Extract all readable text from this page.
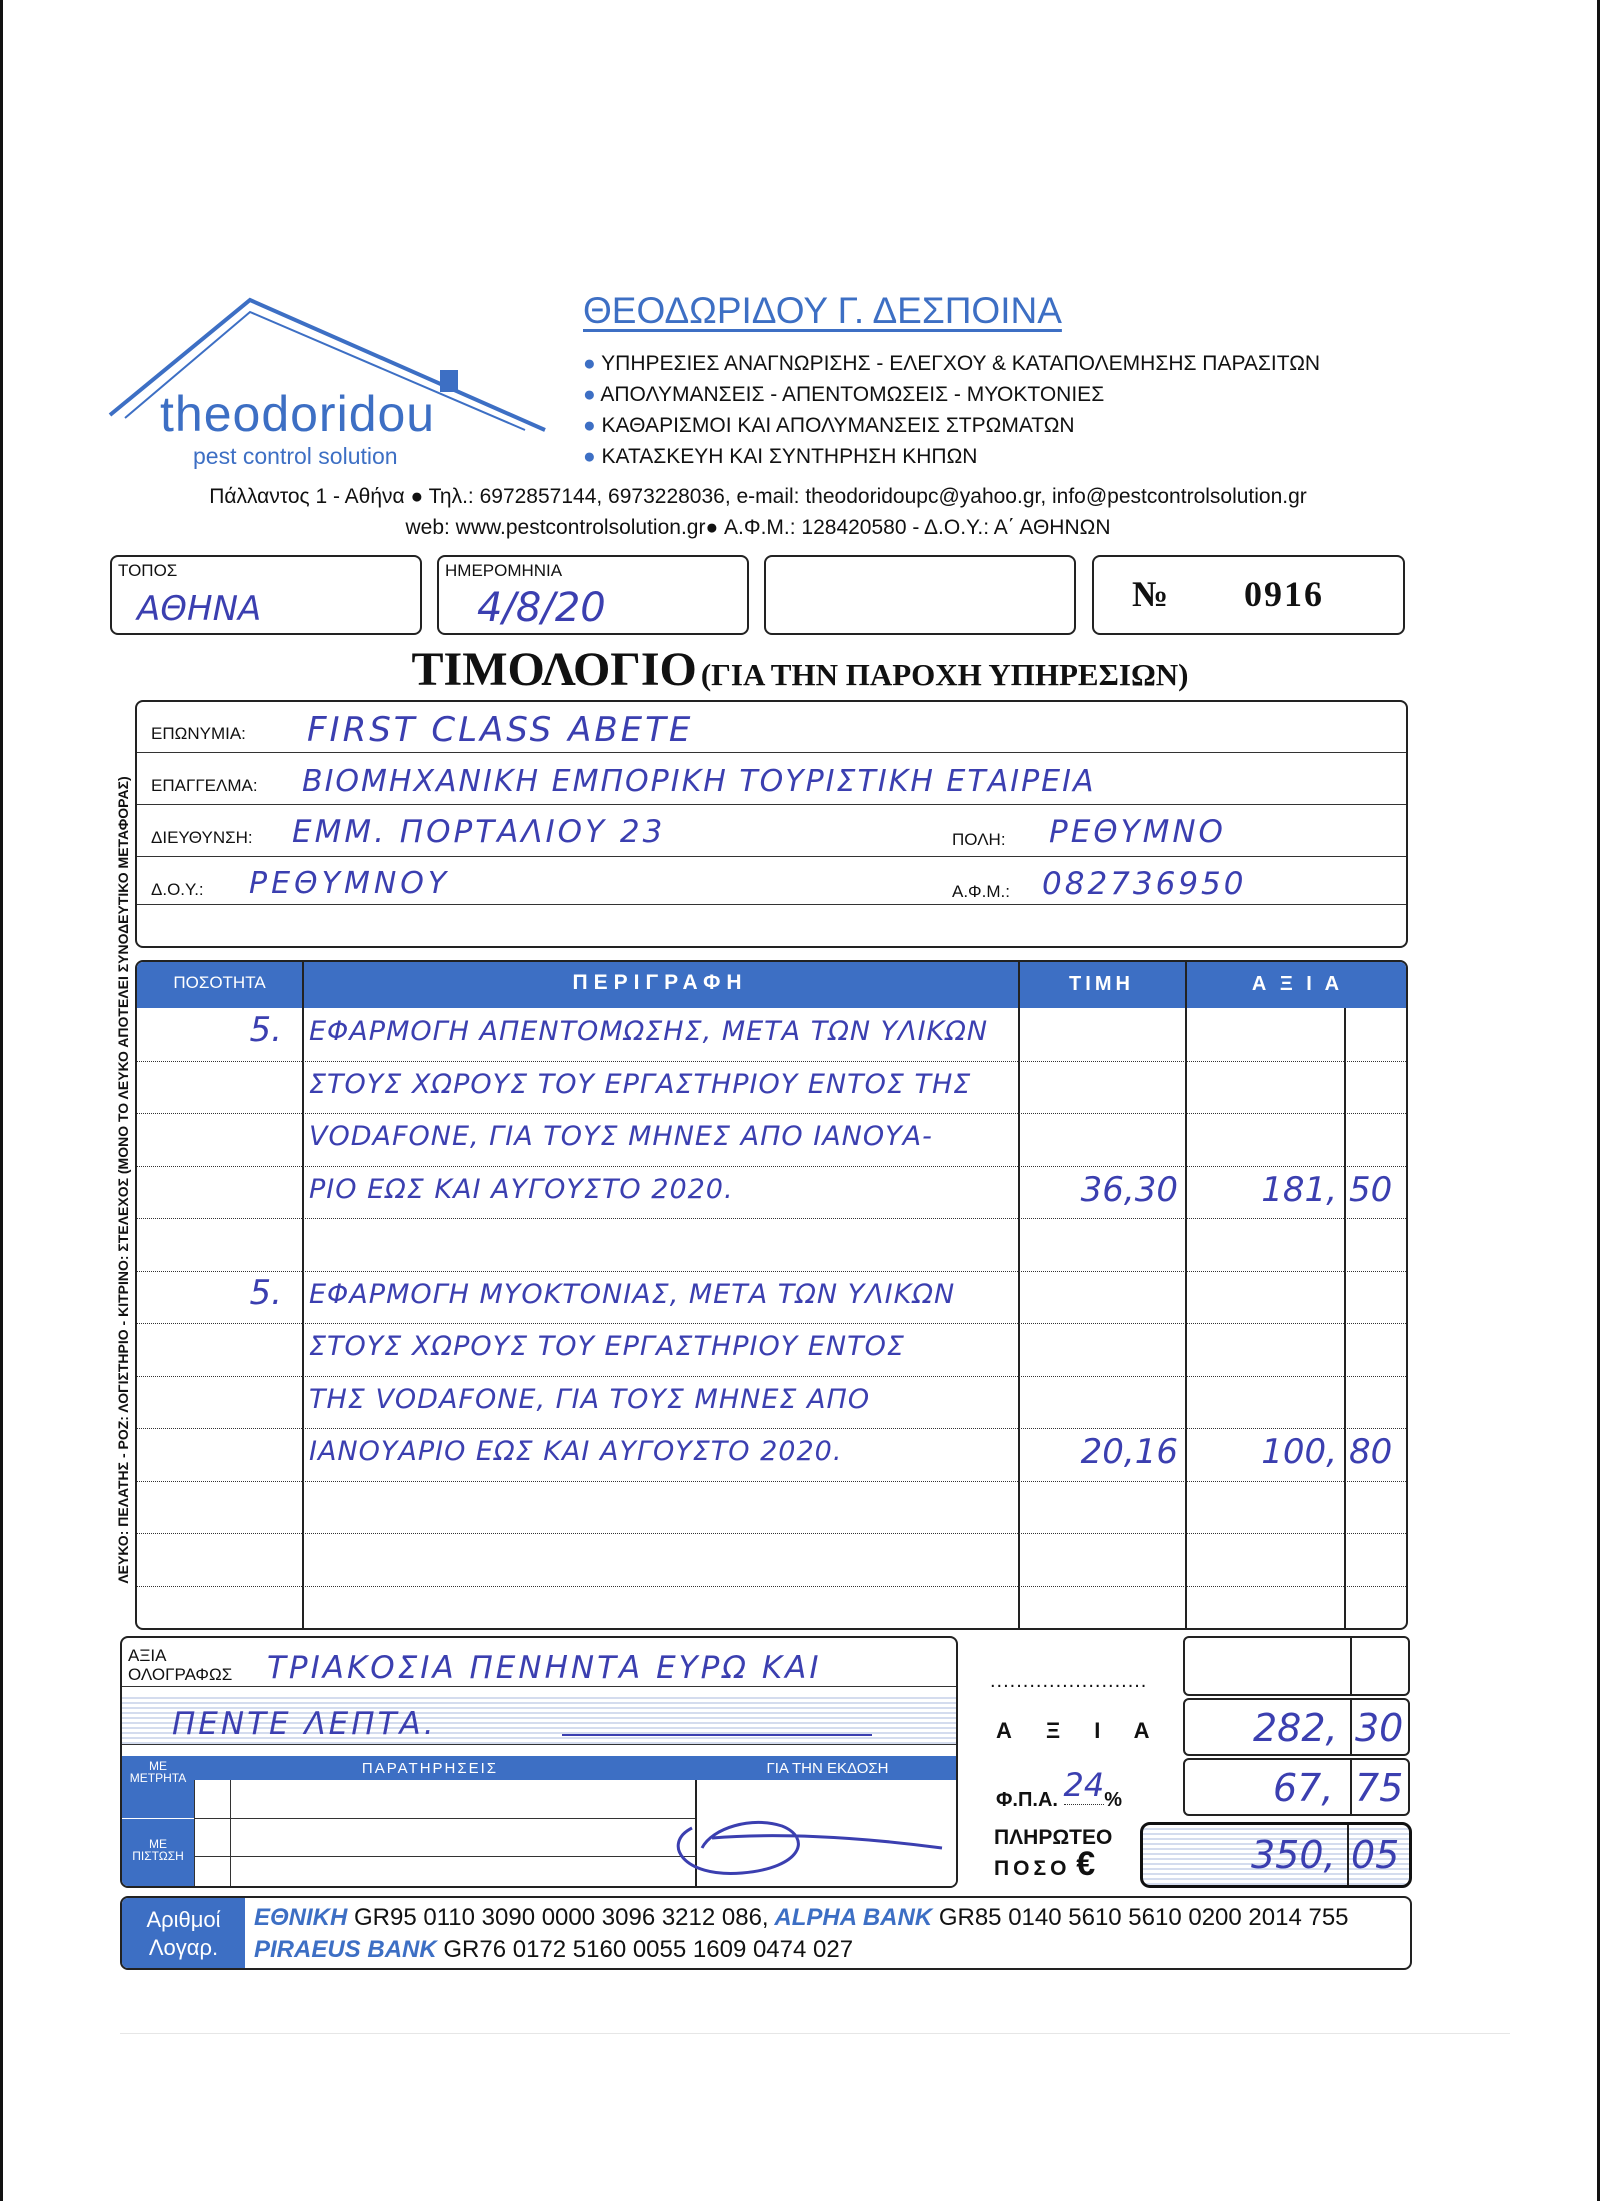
theodoridou
pest control solution
ΘΕΟΔΩΡΙΔΟΥ Γ. ΔΕΣΠΟΙΝΑ
● ΥΠΗΡΕΣΙΕΣ ΑΝΑΓΝΩΡΙΣΗΣ - ΕΛΕΓΧΟΥ & ΚΑΤΑΠΟΛΕΜΗΣΗΣ ΠΑΡΑΣΙΤΩΝ
● ΑΠΟΛΥΜΑΝΣΕΙΣ - ΑΠΕΝΤΟΜΩΣΕΙΣ - ΜΥΟΚΤΟΝΙΕΣ
● ΚΑΘΑΡΙΣΜΟΙ ΚΑΙ ΑΠΟΛΥΜΑΝΣΕΙΣ ΣΤΡΩΜΑΤΩΝ
● ΚΑΤΑΣΚΕΥΗ ΚΑΙ ΣΥΝΤΗΡΗΣΗ ΚΗΠΩΝ
Πάλλαντος 1 - Αθήνα ● Τηλ.: 6972857144, 6973228036, e-mail: theodoridoupc@yahoo.gr, info@pestcontrolsolution.gr
web: www.pestcontrolsolution.gr● Α.Φ.Μ.: 128420580 - Δ.Ο.Υ.: Α΄ ΑΘΗΝΩΝ
ΤΟΠΟΣ
ΑΘΗΝΑ
ΗΜΕΡΟΜΗΝΙΑ
4/8/20	№ 0916
ΤΙΜΟΛΟΓΙΟ (ΓΙΑ ΤΗΝ ΠΑΡΟΧΗ ΥΠΗΡΕΣΙΩΝ)
ΛΕΥΚΟ: ΠΕΛΑΤΗΣ - ΡΟΖ: ΛΟΓΙΣΤΗΡΙΟ - ΚΙΤΡΙΝΟ: ΣΤΕΛΕΧΟΣ (ΜΟΝΟ ΤΟ ΛΕΥΚΟ ΑΠΟΤΕΛΕΙ ΣΥΝΟΔΕΥΤΙΚΟ ΜΕΤΑΦΟΡΑΣ)
ΕΠΩΝΥΜΙΑ: FIRST CLASS ABETE
ΕΠΑΓΓΕΛΜΑ: ΒΙΟΜΗΧΑΝΙΚΗ ΕΜΠΟΡΙΚΗ ΤΟΥΡΙΣΤΙΚΗ ΕΤΑΙΡΕΙΑ
ΔΙΕΥΘΥΝΣΗ: ΕΜΜ. ΠΟΡΤΑΛΙΟΥ 23	ΠΟΛΗ: ΡΕΘΥΜΝΟ
Δ.Ο.Υ.: ΡΕΘΥΜΝΟΥ	Α.Φ.Μ.: 082736950
ΠΟΣΟΤΗΤΑ	ΠΕΡΙΓΡΑΦΗ	ΤΙΜΗ	Α Ξ Ι Α
5.	ΕΦΑΡΜΟΓΗ ΑΠΕΝΤΟΜΩΣΗΣ, ΜΕΤΑ ΤΩΝ ΥΛΙΚΩΝ
ΣΤΟΥΣ ΧΩΡΟΥΣ ΤΟΥ ΕΡΓΑΣΤΗΡΙΟΥ ΕΝΤΟΣ ΤΗΣ
VODAFONE, ΓΙΑ ΤΟΥΣ ΜΗΝΕΣ ΑΠΟ ΙΑΝΟΥΑ-
ΡΙΟ ΕΩΣ ΚΑΙ ΑΥΓΟΥΣΤΟ 2020.	36,30	181, 50
5.	ΕΦΑΡΜΟΓΗ ΜΥΟΚΤΟΝΙΑΣ, ΜΕΤΑ ΤΩΝ ΥΛΙΚΩΝ
ΣΤΟΥΣ ΧΩΡΟΥΣ ΤΟΥ ΕΡΓΑΣΤΗΡΙΟΥ ΕΝΤΟΣ
ΤΗΣ VODAFONE, ΓΙΑ ΤΟΥΣ ΜΗΝΕΣ ΑΠΟ
ΙΑΝΟΥΑΡΙΟ ΕΩΣ ΚΑΙ ΑΥΓΟΥΣΤΟ 2020.	20,16	100, 80
ΑΞΙΑ
ΟΛΟΓΡΑΦΩΣ ΤΡΙΑΚΟΣΙΑ ΠΕΝΗΝΤΑ ΕΥΡΩ ΚΑΙ
ΠΕΝΤΕ ΛΕΠΤΑ.
ΜΕ ΠΙΣΤΩΣΗ
ΜΕ ΜΕΤΡΗΤΑ
ΠΑΡΑΤΗΡΗΣΕΙΣ	ΓΙΑ ΤΗΝ ΕΚΔΟΣΗ
........................
Α Ξ Ι Α 282, 30
Φ.Π.Α. 24%	67, 75
ΠΛΗΡΩΤΕΟ
ΠΟΣΟ €	350, 05
Αριθμοί
Λογαρ.
ΕΘΝΙΚΗ GR95 0110 3090 0000 3096 3212 086, ALPHA BANK GR85 0140 5610 5610 0200 2014 755
PIRAEUS BANK GR76 0172 5160 0055 1609 0474 027
